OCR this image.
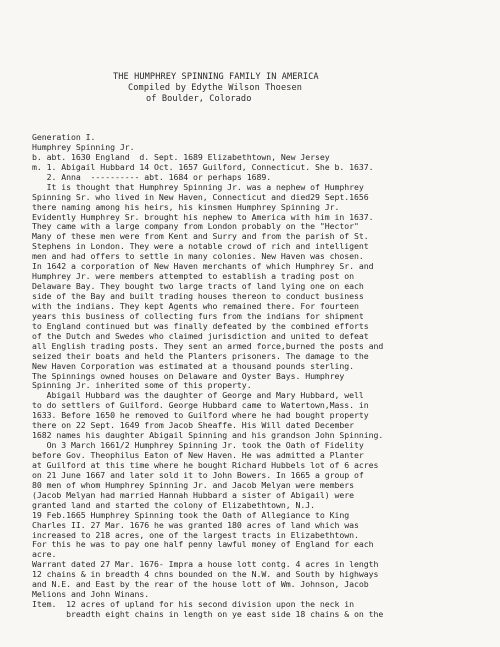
THE HUMPHREY SPINNING FAMILY IN AMERICA
Compiled by Edythe Wilson Thoesen
of Boulder, Colorado
Generation I.
Humphrey Spinning Jr.
b. abt. 1630 England  d. Sept. 1689 Elizabethtown, New Jersey
m. 1. Abigail Hubbard 14 Oct. 1657 Guilford, Connecticut. She b. 1637.
2. Anna  ---------- abt. 1684 or perhaps 1689.
It is thought that Humphrey Spinning Jr. was a nephew of Humphrey
Spinning Sr. who lived in New Haven, Connecticut and died29 Sept.1656
there naming among his heirs, his kinsmen Humphrey Spinning Jr.
Evidently Humphrey Sr. brought his nephew to America with him in 1637.
They came with a large company from London probably on the "Hector"
Many of these men were from Kent and Surry and from the parish of St.
Stephens in London. They were a notable crowd of rich and intelligent
men and had offers to settle in many colonies. New Haven was chosen.
In 1642 a corporation of New Haven merchants of which Humphrey Sr. and
Humphrey Jr. were members attempted to establish a trading post on
Delaware Bay. They bought two large tracts of land lying one on each
side of the Bay and built trading houses thereon to conduct business
with the indians. They kept Agents who remained there. For fourteen
years this business of collecting furs from the indians for shipment
to England continued but was finally defeated by the combined efforts
of the Dutch and Swedes who claimed jurisdiction and united to defeat
all English trading posts. They sent an armed force,burned the posts and
seized their boats and held the Planters prisoners. The damage to the
New Haven Corporation was estimated at a thousand pounds sterling.
The Spinnings owned houses on Delaware and Oyster Bays. Humphrey
Spinning Jr. inherited some of this property.
Abigail Hubbard was the daughter of George and Mary Hubbard, well
to do settlers of Guilford. George Hubbard came to Watertown,Mass. in
1633. Before 1650 he removed to Guilford where he had bought property
there on 22 Sept. 1649 from Jacob Sheaffe. His Will dated December
1682 names his daughter Abigail Spinning and his grandson John Spinning.
On 3 March 1661/2 Humphrey Spinning Jr. took the Oath of Fidelity
before Gov. Theophilus Eaton of New Haven. He was admitted a Planter
at Guilford at this time where he bought Richard Hubbels lot of 6 acres
on 21 June 1667 and later sold it to John Bowers. In 1665 a group of
80 men of whom Humphrey Spinning Jr. and Jacob Melyan were members
(Jacob Melyan had married Hannah Hubbard a sister of Abigail) were
granted land and started the colony of Elizabethtown, N.J.
19 Feb.1665 Humphrey Spinning took the Oath of Allegiance to King
Charles II. 27 Mar. 1676 he was granted 180 acres of land which was
increased to 218 acres, one of the largest tracts in Elizabethtown.
For this he was to pay one half penny lawful money of England for each
acre.
Warrant dated 27 Mar. 1676- Impra a house lott contg. 4 acres in length
12 chains & in breadth 4 chns bounded on the N.W. and South by highways
and N.E. and East by the rear of the house lott of Wm. Johnson, Jacob
Melions and John Winans.
Item.  12 acres of upland for his second division upon the neck in
breadth eight chains in length on ye east side 18 chains & on the
